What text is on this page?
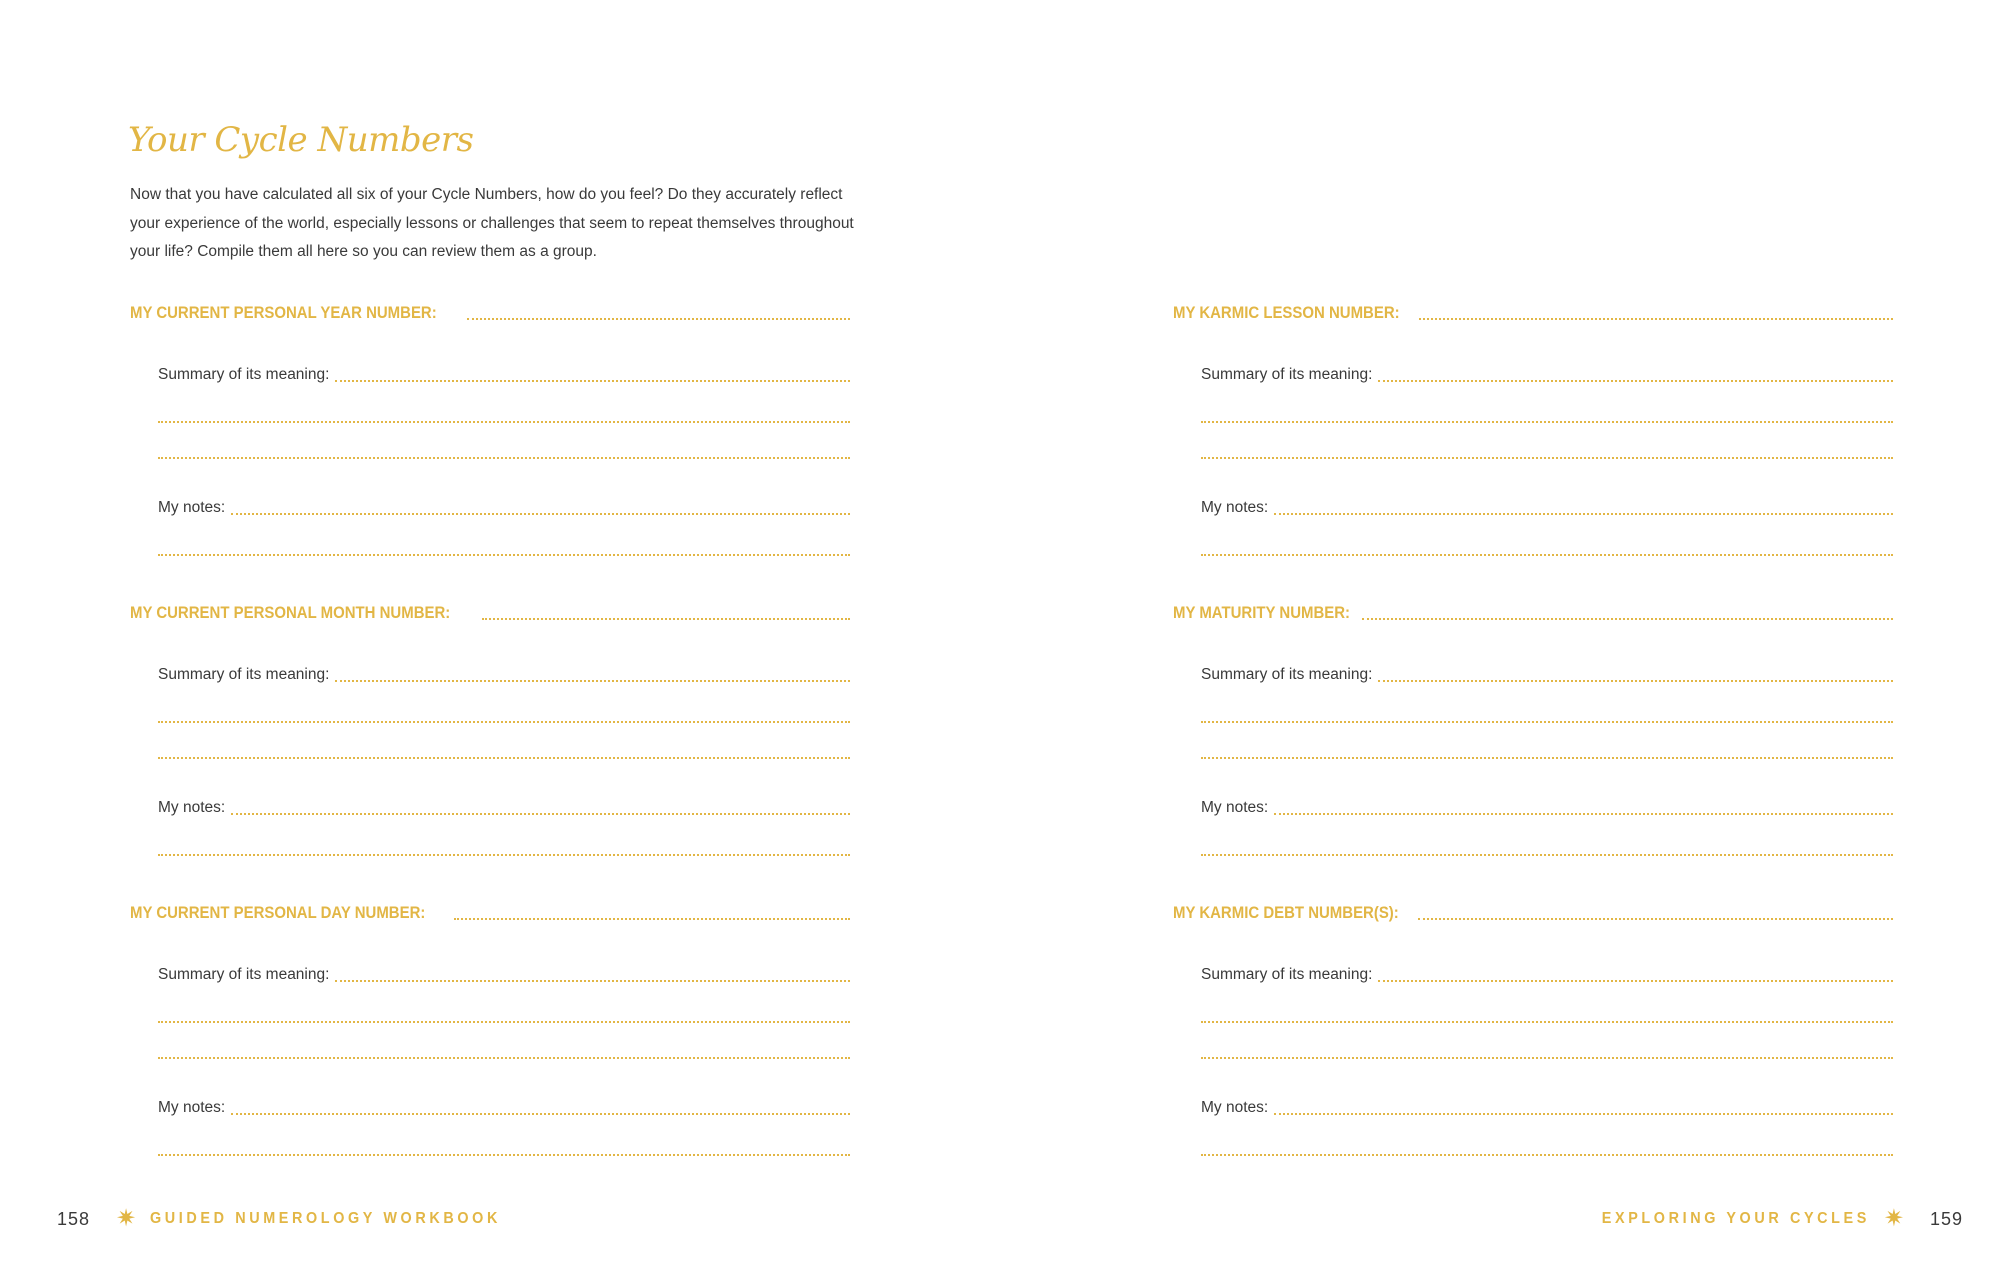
Your Cycle Numbers

Now that you have calculated all six of your Cycle Numbers, how do you feel? Do they accurately reflect your experience of the world, especially lessons or challenges that seem to repeat themselves throughout your life? Compile them all here so you can review them as a group.

MY CURRENT PERSONAL YEAR NUMBER:
Summary of its meaning:
My notes:
MY CURRENT PERSONAL MONTH NUMBER:
Summary of its meaning:
My notes:
MY CURRENT PERSONAL DAY NUMBER:
Summary of its meaning:
My notes:
MY KARMIC LESSON NUMBER:
Summary of its meaning:
My notes:
MY MATURITY NUMBER:
Summary of its meaning:
My notes:
MY KARMIC DEBT NUMBER(S):
Summary of its meaning:
My notes:
158 ✷ GUIDED NUMEROLOGY WORKBOOK	EXPLORING YOUR CYCLES ✷ 159
